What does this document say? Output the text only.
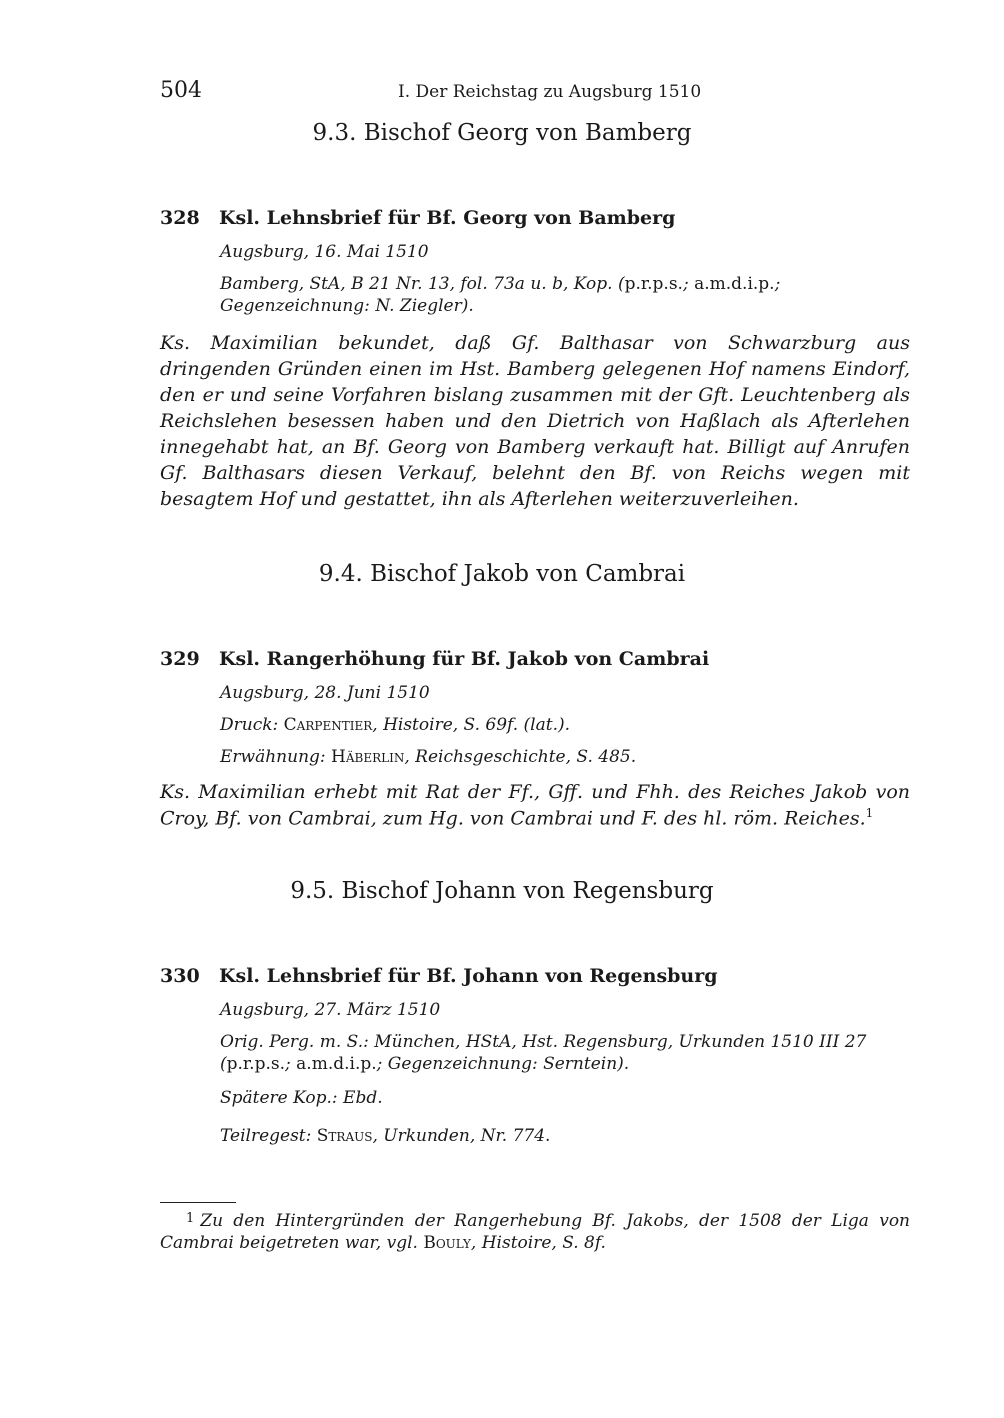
504	I. Der Reichstag zu Augsburg 1510
9.3. Bischof Georg von Bamberg
328 Ksl. Lehnsbrief für Bf. Georg von Bamberg
Augsburg, 16. Mai 1510
Bamberg, StA, B 21 Nr. 13, fol. 73a u. b, Kop. (p.r.p.s.; a.m.d.i.p.; Gegenzeichnung: N. Ziegler).
Ks. Maximilian bekundet, daß Gf. Balthasar von Schwarzburg aus dringenden Gründen einen im Hst. Bamberg gelegenen Hof namens Eindorf, den er und seine Vorfahren bislang zusammen mit der Gft. Leuchtenberg als Reichslehen besessen haben und den Dietrich von Haßlach als Afterlehen innegehabt hat, an Bf. Georg von Bamberg verkauft hat. Billigt auf Anrufen Gf. Balthasars diesen Verkauf, belehnt den Bf. von Reichs wegen mit besagtem Hof und gestattet, ihn als Afterlehen weiterzuverleihen.
9.4. Bischof Jakob von Cambrai
329 Ksl. Rangerhöhung für Bf. Jakob von Cambrai
Augsburg, 28. Juni 1510
Druck: Carpentier, Histoire, S. 69f. (lat.).
Erwähnung: Häberlin, Reichsgeschichte, S. 485.
Ks. Maximilian erhebt mit Rat der Ff., Gff. und Fhh. des Reiches Jakob von Croy, Bf. von Cambrai, zum Hg. von Cambrai und F. des hl. röm. Reiches.$^1$
9.5. Bischof Johann von Regensburg
330 Ksl. Lehnsbrief für Bf. Johann von Regensburg
Augsburg, 27. März 1510
Orig. Perg. m. S.: München, HStA, Hst. Regensburg, Urkunden 1510 III 27 (p.r.p.s.; a.m.d.i.p.; Gegenzeichnung: Serntein).
Spätere Kop.: Ebd.
Teilregest: Straus, Urkunden, Nr. 774.
$^1$ Zu den Hintergründen der Rangerhebung Bf. Jakobs, der 1508 der Liga von Cambrai beigetreten war, vgl. Bouly, Histoire, S. 8f.
